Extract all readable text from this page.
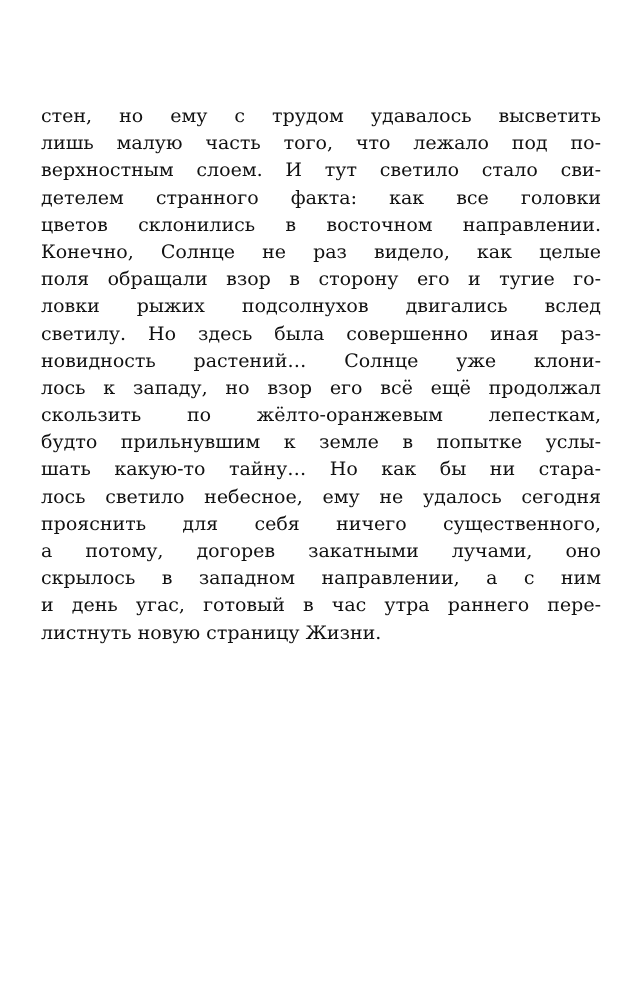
стен, но ему с трудом удавалось высветить
лишь малую часть того, что лежало под по-
верхностным слоем. И тут светило стало сви-
детелем странного факта: как все головки
цветов склонились в восточном направлении.
Конечно, Солнце не раз видело, как целые
поля обращали взор в сторону его и тугие го-
ловки рыжих подсолнухов двигались вслед
светилу. Но здесь была совершенно иная раз-
новидность растений… Солнце уже клони-
лось к западу, но взор его всё ещё продолжал
скользить по жёлто-оранжевым лепесткам,
будто прильнувшим к земле в попытке услы-
шать какую-то тайну… Но как бы ни стара-
лось светило небесное, ему не удалось сегодня
прояснить для себя ничего существенного,
а потому, догорев закатными лучами, оно
скрылось в западном направлении, а с ним
и день угас, готовый в час утра раннего пере-
листнуть новую страницу Жизни.
